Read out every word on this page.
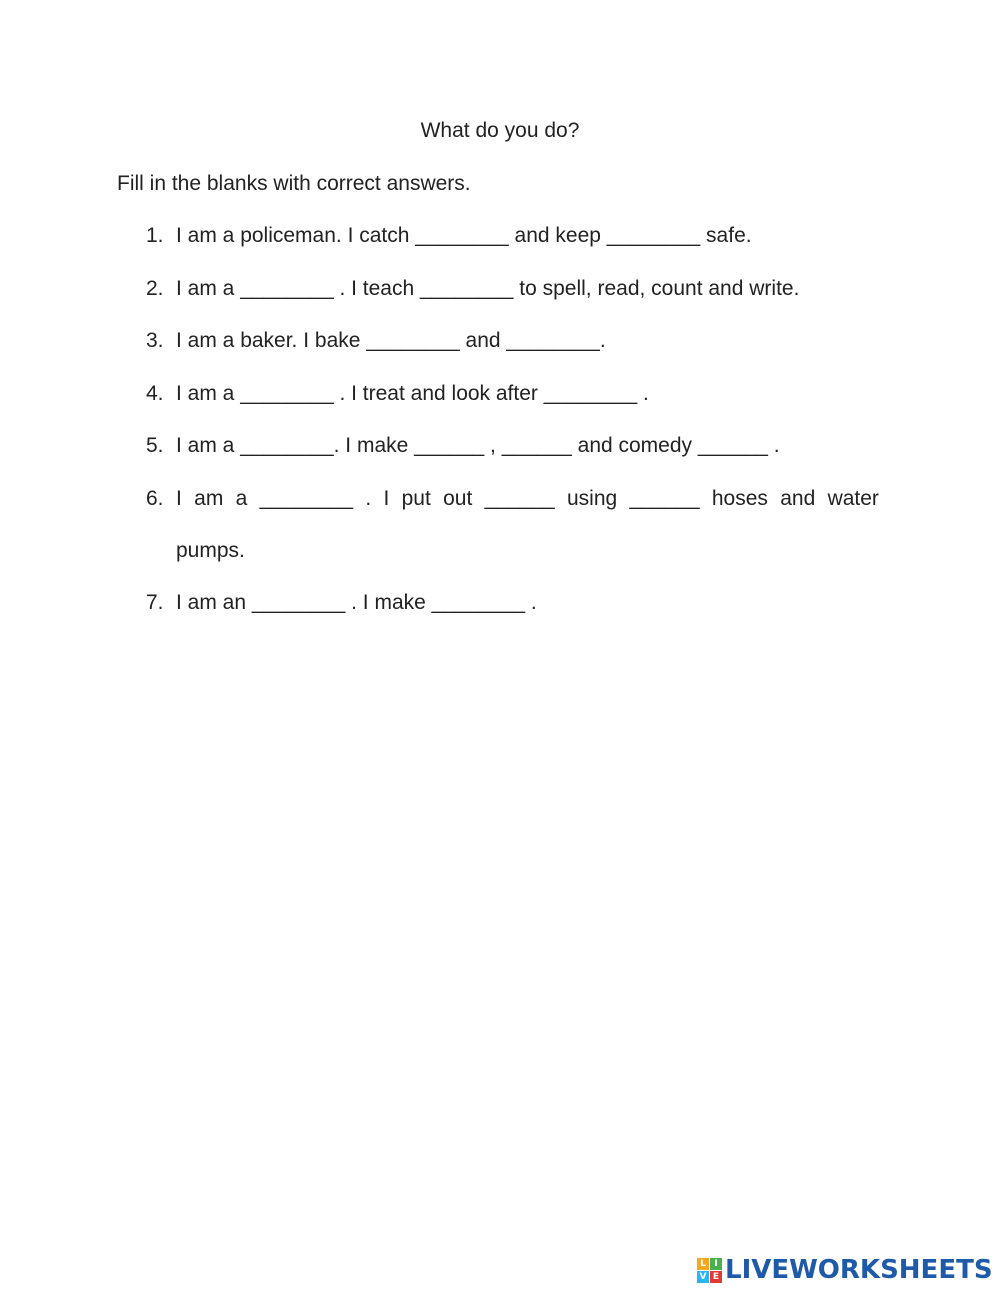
What do you do?
Fill in the blanks with correct answers.
1. I am a policeman. I catch ________ and keep ________ safe.
2. I am a ________ . I teach ________ to spell, read, count and write.
3. I am a baker. I bake ________ and ________.
4. I am a ________ . I treat and look after ________ .
5. I am a ________. I make ______ , ______ and comedy ______ .
6. I am a ________ . I put out ______ using ______ hoses and water
pumps.
7. I am an ________ . I make ________ .
L I
V E LIVEWORKSHEETS
